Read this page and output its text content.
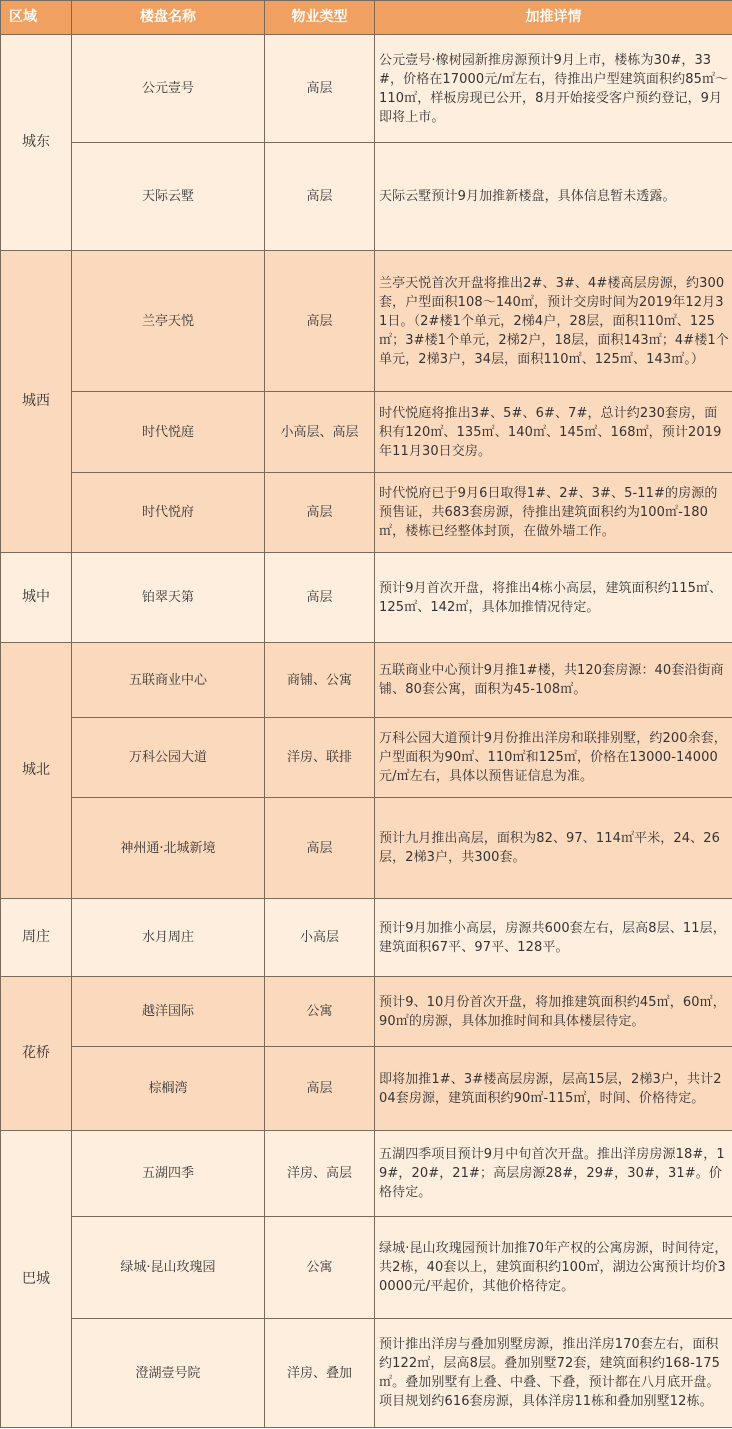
区域	楼盘名称	物业类型	加推详情
城东	公元壹号	高层	公元壹号·橡树园新推房源预计9月上市，楼栋为30#，33#，价格在17000元/㎡左右，待推出户型建筑面积约85㎡～110㎡，样板房现已公开，8月开始接受客户预约登记，9月即将上市。
	天际云墅	高层	天际云墅预计9月加推新楼盘，具体信息暂未透露。
城西	兰亭天悦	高层	兰亭天悦首次开盘将推出2#、3#、4#楼高层房源，约300套，户型面积108～140㎡，预计交房时间为2019年12月31日。（2#楼1个单元，2梯4户，28层，面积110㎡、125㎡；3#楼1个单元，2梯2户，18层，面积143㎡；4#楼1个单元，2梯3户，34层，面积110㎡、125㎡、143㎡。）
	时代悦庭	小高层、高层	时代悦庭将推出3#、5#、6#、7#，总计约230套房，面积有120㎡、135㎡、140㎡、145㎡、168㎡，预计2019年11月30日交房。
	时代悦府	高层	时代悦府已于9月6日取得1#、2#、3#、5-11#的房源的预售证，共683套房源，待推出建筑面积约为100㎡-180㎡，楼栋已经整体封顶，在做外墙工作。
城中	铂翠天第	高层	预计9月首次开盘，将推出4栋小高层，建筑面积约115㎡、125㎡、142㎡，具体加推情况待定。
城北	五联商业中心	商铺、公寓	五联商业中心预计9月推1#楼，共120套房源：40套沿街商铺、80套公寓，面积为45-108㎡。
	万科公园大道	洋房、联排	万科公园大道预计9月份推出洋房和联排别墅，约200余套，户型面积为90㎡、110㎡和125㎡，价格在13000-14000元/㎡左右，具体以预售证信息为准。
	神州通·北城新境	高层	预计九月推出高层，面积为82、97、114㎡平米，24、26层，2梯3户，共300套。
周庄	水月周庄	小高层	预计9月加推小高层，房源共600套左右，层高8层、11层，建筑面积67平、97平、128平。
花桥	越洋国际	公寓	预计9、10月份首次开盘，将加推建筑面积约45㎡，60㎡，90㎡的房源，具体加推时间和具体楼层待定。
	棕榈湾	高层	即将加推1#、3#楼高层房源，层高15层，2梯3户，共计204套房源，建筑面积约90㎡-115㎡，时间、价格待定。
巴城	五湖四季	洋房、高层	五湖四季项目预计9月中旬首次开盘。推出洋房房源18#，19#，20#，21#；高层房源28#，29#，30#，31#。价格待定。
	绿城·昆山玫瑰园	公寓	绿城·昆山玫瑰园预计加推70年产权的公寓房源，时间待定，共2栋，40套以上，建筑面积约100㎡，湖边公寓预计均价30000元/平起价，其他价格待定。
	澄湖壹号院	洋房、叠加	预计推出洋房与叠加别墅房源，推出洋房170套左右，面积约122㎡，层高8层。叠加别墅72套，建筑面积约168-175㎡。叠加别墅有上叠、中叠、下叠，预计都在八月底开盘。项目规划约616套房源，具体洋房11栋和叠加别墅12栋。
